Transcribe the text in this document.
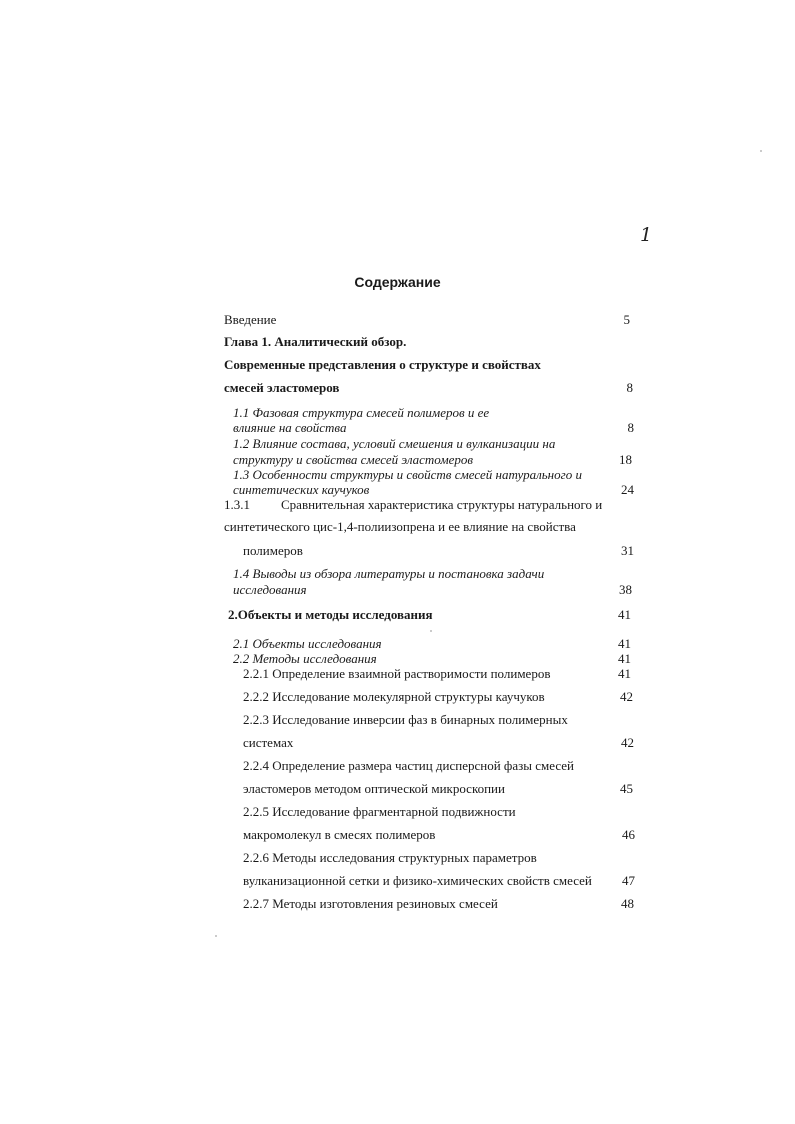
1
Содержание
Введение	5
Глава 1. Аналитический обзор.
Современные представления о структуре и свойствах
смесей эластомеров	8
1.1 Фазовая структура смесей полимеров и ее
влияние на свойства	8
1.2 Влияние состава, условий смешения и вулканизации на
структуру и свойства смесей эластомеров	18
1.3 Особенности структуры и свойств смесей натурального и
синтетических каучуков	24
1.3.1 Сравнительная характеристика структуры натурального и
синтетического цис-1,4-полиизопрена и ее влияние на свойства
полимеров	31
1.4 Выводы из обзора литературы и постановка задачи
исследования	38
2.Объекты и методы исследования	41
2.1 Объекты исследования	41
2.2 Методы исследования	41
2.2.1 Определение взаимной растворимости полимеров	41
2.2.2 Исследование молекулярной структуры каучуков	42
2.2.3 Исследование инверсии фаз в бинарных полимерных
системах	42
2.2.4 Определение размера частиц дисперсной фазы смесей
эластомеров методом оптической микроскопии	45
2.2.5 Исследование фрагментарной подвижности
макромолекул в смесях полимеров	46
2.2.6 Методы исследования структурных параметров
вулканизационной сетки и физико-химических свойств смесей	47
2.2.7 Методы изготовления резиновых смесей	48
